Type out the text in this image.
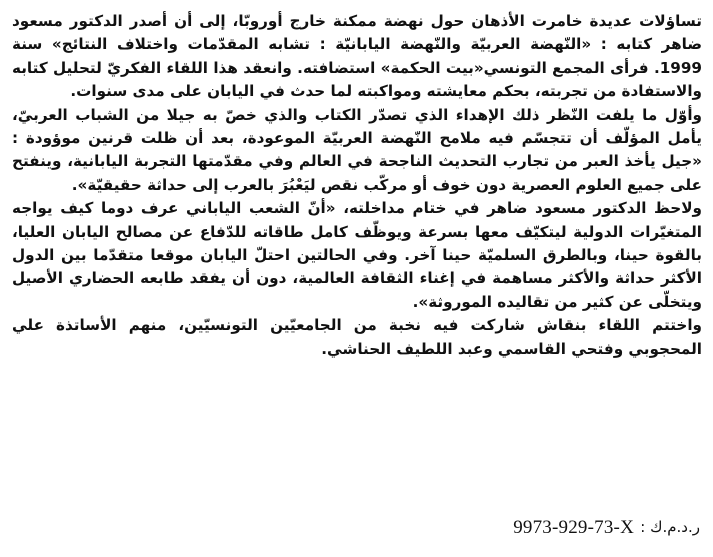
تساؤلات عديدة خامرت الأذهان حول نهضة ممكنة خارج أوروبّا، إلى أن أصدر الدكتور مسعود ضاهر كتابه : «النّهضة العربيّة والنّهضة اليابانيّة : تشابه المقدّمات واختلاف النتائج» سنة 1999. فرأى المجمع التونسي«بيت الحكمة» استضافته. وانعقد هذا اللقاء الفكريّ لتحليل كتابه والاستفادة من تجربته، بحكم معايشته ومواكبته لما حدث في اليابان على مدى سنوات.

وأوّل ما يلفت النّظر ذلك الإهداء الذي تصدّر الكتاب والذي خصّ به جيلا من الشباب العربيّ، يأمل المؤلّف أن تتجسّم فيه ملامح النّهضة العربيّة الموعودة، بعد أن ظلت قرنين موؤودة : «جيل يأخذ العبر من تجارب التحديث الناجحة في العالم وفي مقدّمتها التجربة اليابانية، وينفتح على جميع العلوم العصرية دون خوف أو مركّب نقص ليَعْبُرَ بالعرب إلى حداثة حقيقيّة».

ولاحظ الدكتور مسعود ضاهر في ختام مداخلته، «أنّ الشعب الياباني عرف دوما كيف يواجه المتغيّرات الدولية ليتكيّف معها بسرعة ويوظّف كامل طاقاته للدّفاع عن مصالح اليابان العليا، بالقوة حينا، وبالطرق السلميّة حينا آخر. وفي الحالتين احتلّ اليابان موقعا متقدّما بين الدول الأكثر حداثة والأكثر مساهمة في إغناء الثقافة العالمية، دون أن يفقد طابعه الحضاري الأصيل ويتخلّى عن كثير من تقاليده الموروثة».

واختتم اللقاء بنقاش شاركت فيه نخبة من الجامعيّين التونسيّين، منهم الأساتذة علي المحجوبي وفتحي القاسمي وعبد اللطيف الحناشي.

ر.د.م.ك :
9973-929-73-X
